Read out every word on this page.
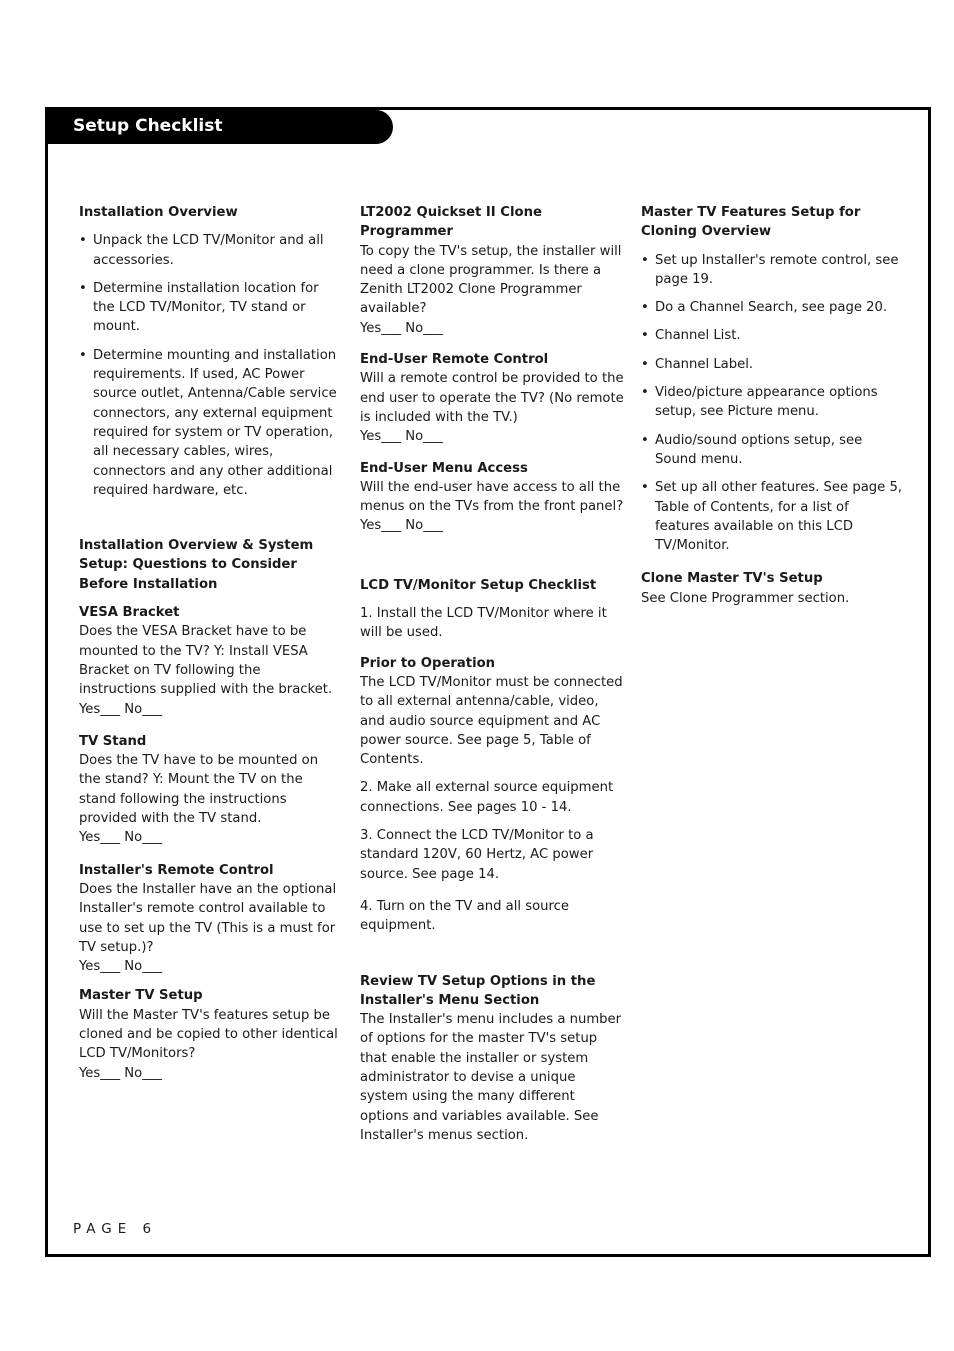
Setup Checklist

Installation Overview

• Unpack the LCD TV/Monitor and all accessories.
• Determine installation location for the LCD TV/Monitor, TV stand or mount.
• Determine mounting and installation requirements. If used, AC Power source outlet, Antenna/Cable service connectors, any external equipment required for system or TV operation, all necessary cables, wires, connectors and any other additional required hardware, etc.

Installation Overview & System Setup: Questions to Consider Before Installation

VESA Bracket

Does the VESA Bracket have to be mounted to the TV? Y: Install VESA Bracket on TV following the instructions supplied with the bracket.

Yes___ No___

TV Stand

Does the TV have to be mounted on the stand? Y: Mount the TV on the stand following the instructions provided with the TV stand.

Yes___ No___

Installer's Remote Control

Does the Installer have an the optional Installer's remote control available to use to set up the TV (This is a must for TV setup.)?

Yes___ No___

Master TV Setup

Will the Master TV's features setup be cloned and be copied to other identical LCD TV/Monitors?

Yes___ No___

LT2002 Quickset II Clone Programmer

To copy the TV's setup, the installer will need a clone programmer. Is there a Zenith LT2002 Clone Programmer available?

Yes___ No___

End-User Remote Control

Will a remote control be provided to the end user to operate the TV? (No remote is included with the TV.)

Yes___ No___

End-User Menu Access

Will the end-user have access to all the menus on the TVs from the front panel?

Yes___ No___

LCD TV/Monitor Setup Checklist

1. Install the LCD TV/Monitor where it will be used.

Prior to Operation

The LCD TV/Monitor must be connected to all external antenna/cable, video, and audio source equipment and AC power source. See page 5, Table of Contents.

2. Make all external source equipment connections. See pages 10 - 14.

3. Connect the LCD TV/Monitor to a standard 120V, 60 Hertz, AC power source. See page 14.

4. Turn on the TV and all source equipment.

Review TV Setup Options in the Installer's Menu Section

The Installer's menu includes a number of options for the master TV's setup that enable the installer or system administrator to devise a unique system using the many different options and variables available. See Installer's menus section.

Master TV Features Setup for Cloning Overview

• Set up Installer's remote control, see page 19.
• Do a Channel Search, see page 20.
• Channel List.
• Channel Label.
• Video/picture appearance options setup, see Picture menu.
• Audio/sound options setup, see Sound menu.
• Set up all other features. See page 5, Table of Contents, for a list of features available on this LCD TV/Monitor.

Clone Master TV's Setup

See Clone Programmer section.

PAGE 6
